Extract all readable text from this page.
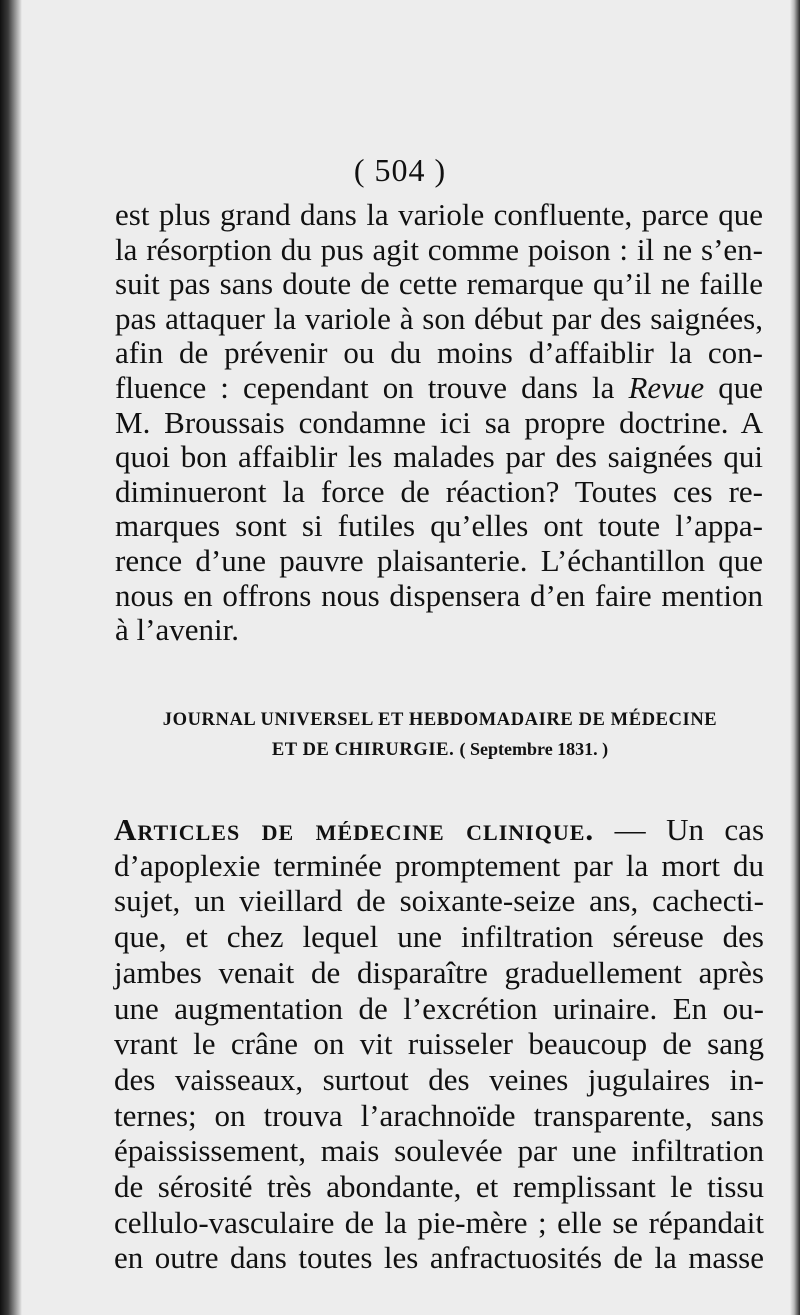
( 504 )
est plus grand dans la variole confluente, parce que
la résorption du pus agit comme poison : il ne s’en-
suit pas sans doute de cette remarque qu’il ne faille
pas attaquer la variole à son début par des saignées,
afin de prévenir ou du moins d’affaiblir la con-
fluence : cependant on trouve dans la Revue que
M. Broussais condamne ici sa propre doctrine. A
quoi bon affaiblir les malades par des saignées qui
diminueront la force de réaction? Toutes ces re-
marques sont si futiles qu’elles ont toute l’appa-
rence d’une pauvre plaisanterie. L’échantillon que
nous en offrons nous dispensera d’en faire mention
à l’avenir.
JOURNAL UNIVERSEL ET HEBDOMADAIRE DE MÉDECINE
ET DE CHIRURGIE. ( Septembre 1831. )
Articles de médecine clinique. — Un cas
d’apoplexie terminée promptement par la mort du
sujet, un vieillard de soixante-seize ans, cachecti-
que, et chez lequel une infiltration séreuse des
jambes venait de disparaître graduellement après
une augmentation de l’excrétion urinaire. En ou-
vrant le crâne on vit ruisseler beaucoup de sang
des vaisseaux, surtout des veines jugulaires in-
ternes; on trouva l’arachnoïde transparente, sans
épaississement, mais soulevée par une infiltration
de sérosité très abondante, et remplissant le tissu
cellulo-vasculaire de la pie-mère ; elle se répandait
en outre dans toutes les anfractuosités de la masse
